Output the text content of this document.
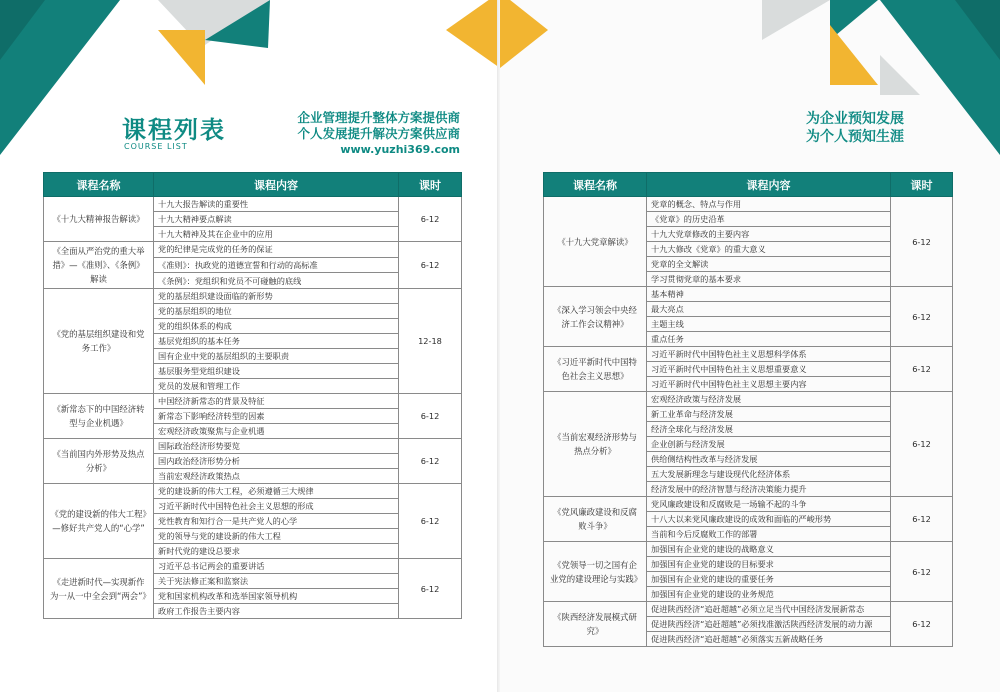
课程列表
COURSE LIST
企业管理提升整体方案提供商
个人发展提升解决方案供应商
www.yuzhi369.com
课程名称	课程内容	课时
《十九大精神报告解读》	十九大报告解读的重要性	6-12
	十九大精神要点解读	
	十九大精神及其在企业中的应用	
《全面从严治党的重大举措》—《准则》、《条例》解读	党的纪律是完成党的任务的保证	6-12
	《准则》：执政党的道德宣誓和行动的高标准	
	《条例》：党组织和党员不可碰触的底线	
《党的基层组织建设和党务工作》	党的基层组织建设面临的新形势	12-18
	党的基层组织的地位	
	党的组织体系的构成	
	基层党组织的基本任务	
	国有企业中党的基层组织的主要职责	
	基层服务型党组织建设	
	党员的发展和管理工作	
《新常态下的中国经济转型与企业机遇》	中国经济新常态的背景及特征	6-12
	新常态下影响经济转型的因素	
	宏观经济政策聚焦与企业机遇	
《当前国内外形势及热点分析》	国际政治经济形势要览	6-12
	国内政治经济形势分析	
	当前宏观经济政策热点	
《党的建设新的伟大工程》—修好共产党人的“心学”	党的建设新的伟大工程，必须遵循三大规律	6-12
	习近平新时代中国特色社会主义思想的形成	
	党性教育和知行合一是共产党人的心学	
	党的领导与党的建设新的伟大工程	
	新时代党的建设总要求	
《走进新时代—实现新作为一从一中全会到“两会”》	习近平总书记两会的重要讲话	6-12
	关于宪法修正案和监察法	
	党和国家机构改革和选举国家领导机构	
	政府工作报告主要内容	
为企业预知发展
为个人预知生涯
课程名称	课程内容	课时
《十九大党章解读》	党章的概念、特点与作用	6-12
	《党章》的历史沿革	
	十九大党章修改的主要内容	
	十九大修改《党章》的重大意义	
	党章的全文解读	
	学习贯彻党章的基本要求	
《深入学习领会中央经济工作会议精神》	基本精神	6-12
	最大亮点	
	主题主线	
	重点任务	
《习近平新时代中国特色社会主义思想》	习近平新时代中国特色社主义思想科学体系	6-12
	习近平新时代中国特色社主义思想重要意义	
	习近平新时代中国特色社主义思想主要内容	
《当前宏观经济形势与热点分析》	宏观经济政策与经济发展	6-12
	新工业革命与经济发展	
	经济全球化与经济发展	
	企业创新与经济发展	
	供给侧结构性改革与经济发展	
	五大发展新理念与建设现代化经济体系	
	经济发展中的经济智慧与经济决策能力提升	
《党风廉政建设和反腐败斗争》	党风廉政建设和反腐败是一场输不起的斗争	6-12
	十八大以来党风廉政建设的成效和面临的严峻形势	
	当前和今后反腐败工作的部署	
《党领导一切之国有企业党的建设理论与实践》	加强国有企业党的建设的战略意义	6-12
	加强国有企业党的建设的目标要求	
	加强国有企业党的建设的重要任务	
	加强国有企业党的建设的业务规范	
《陕西经济发展模式研究》	促进陕西经济“追赶超越”必须立足当代中国经济发展新常态	6-12
	促进陕西经济“追赶超越”必须找准激活陕西经济发展的动力源	
	促进陕西经济“追赶超越”必须落实五新战略任务	
